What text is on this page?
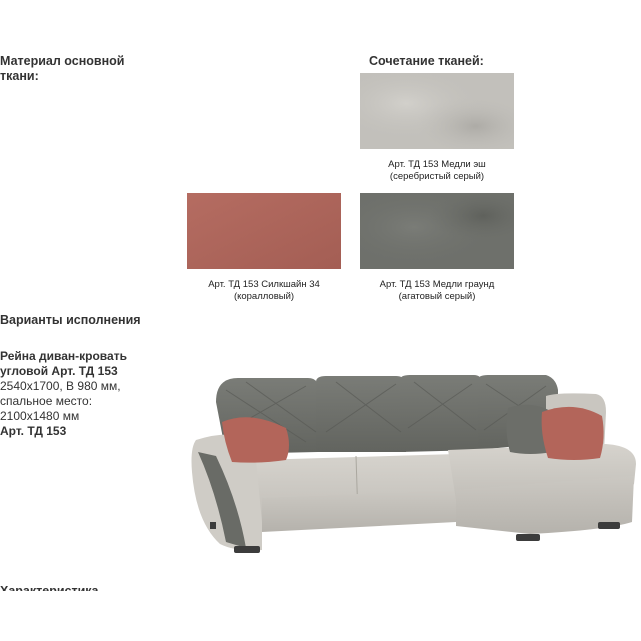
Материал основной ткани:
Сочетание тканей:
Арт. ТД 153 Медли эш
(серебристый серый)
Арт. ТД 153 Силкшайн 34
(коралловый)
Арт. ТД 153 Медли граунд
(агатовый серый)
Варианты исполнения
Рейна диван-кровать угловой Арт. ТД 153
2540x1700, В 980 мм,
спальное место:
2100x1480 мм
Арт. ТД 153
